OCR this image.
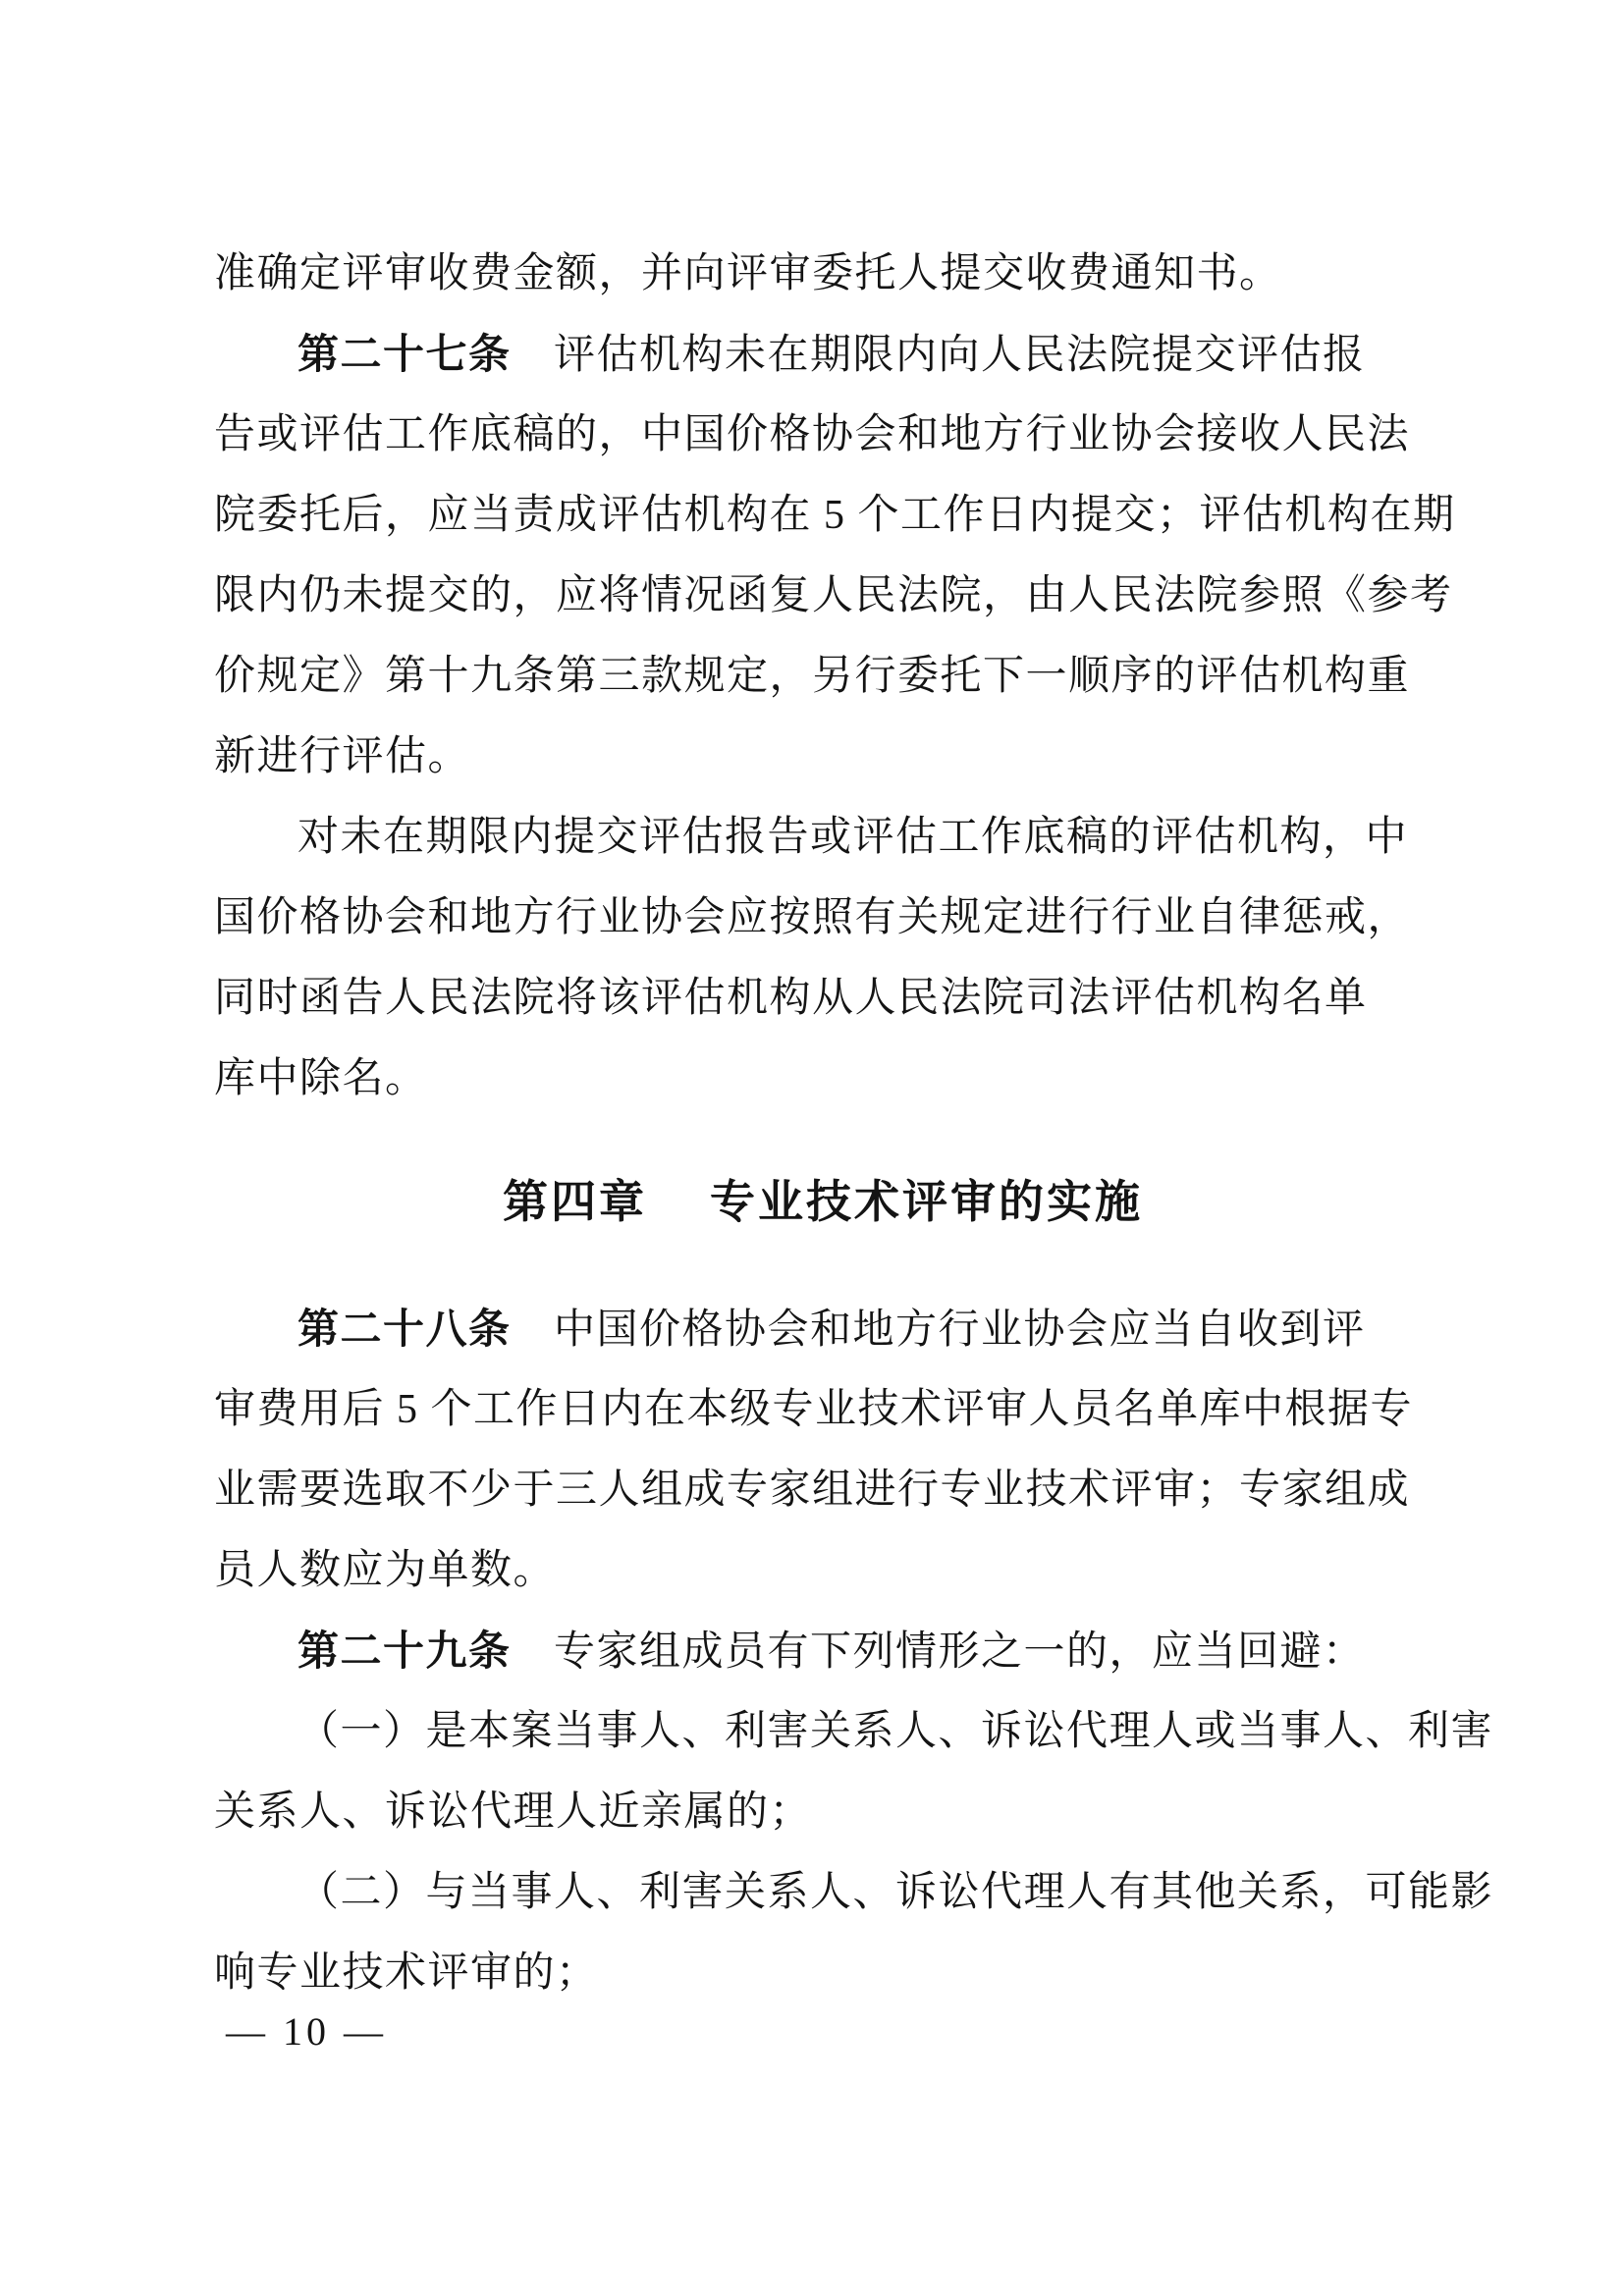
准确定评审收费金额，并向评审委托人提交收费通知书。
第二十七条　评估机构未在期限内向人民法院提交评估报
告或评估工作底稿的，中国价格协会和地方行业协会接收人民法
院委托后，应当责成评估机构在 5 个工作日内提交；评估机构在期
限内仍未提交的，应将情况函复人民法院，由人民法院参照《参考
价规定》第十九条第三款规定，另行委托下一顺序的评估机构重
新进行评估。
对未在期限内提交评估报告或评估工作底稿的评估机构，中
国价格协会和地方行业协会应按照有关规定进行行业自律惩戒，
同时函告人民法院将该评估机构从人民法院司法评估机构名单
库中除名。
第四章 专业技术评审的实施
第二十八条　中国价格协会和地方行业协会应当自收到评
审费用后 5 个工作日内在本级专业技术评审人员名单库中根据专
业需要选取不少于三人组成专家组进行专业技术评审；专家组成
员人数应为单数。
第二十九条　专家组成员有下列情形之一的，应当回避：
（一）是本案当事人、利害关系人、诉讼代理人或当事人、利害
关系人、诉讼代理人近亲属的；
（二）与当事人、利害关系人、诉讼代理人有其他关系，可能影
响专业技术评审的；
— 10 —
